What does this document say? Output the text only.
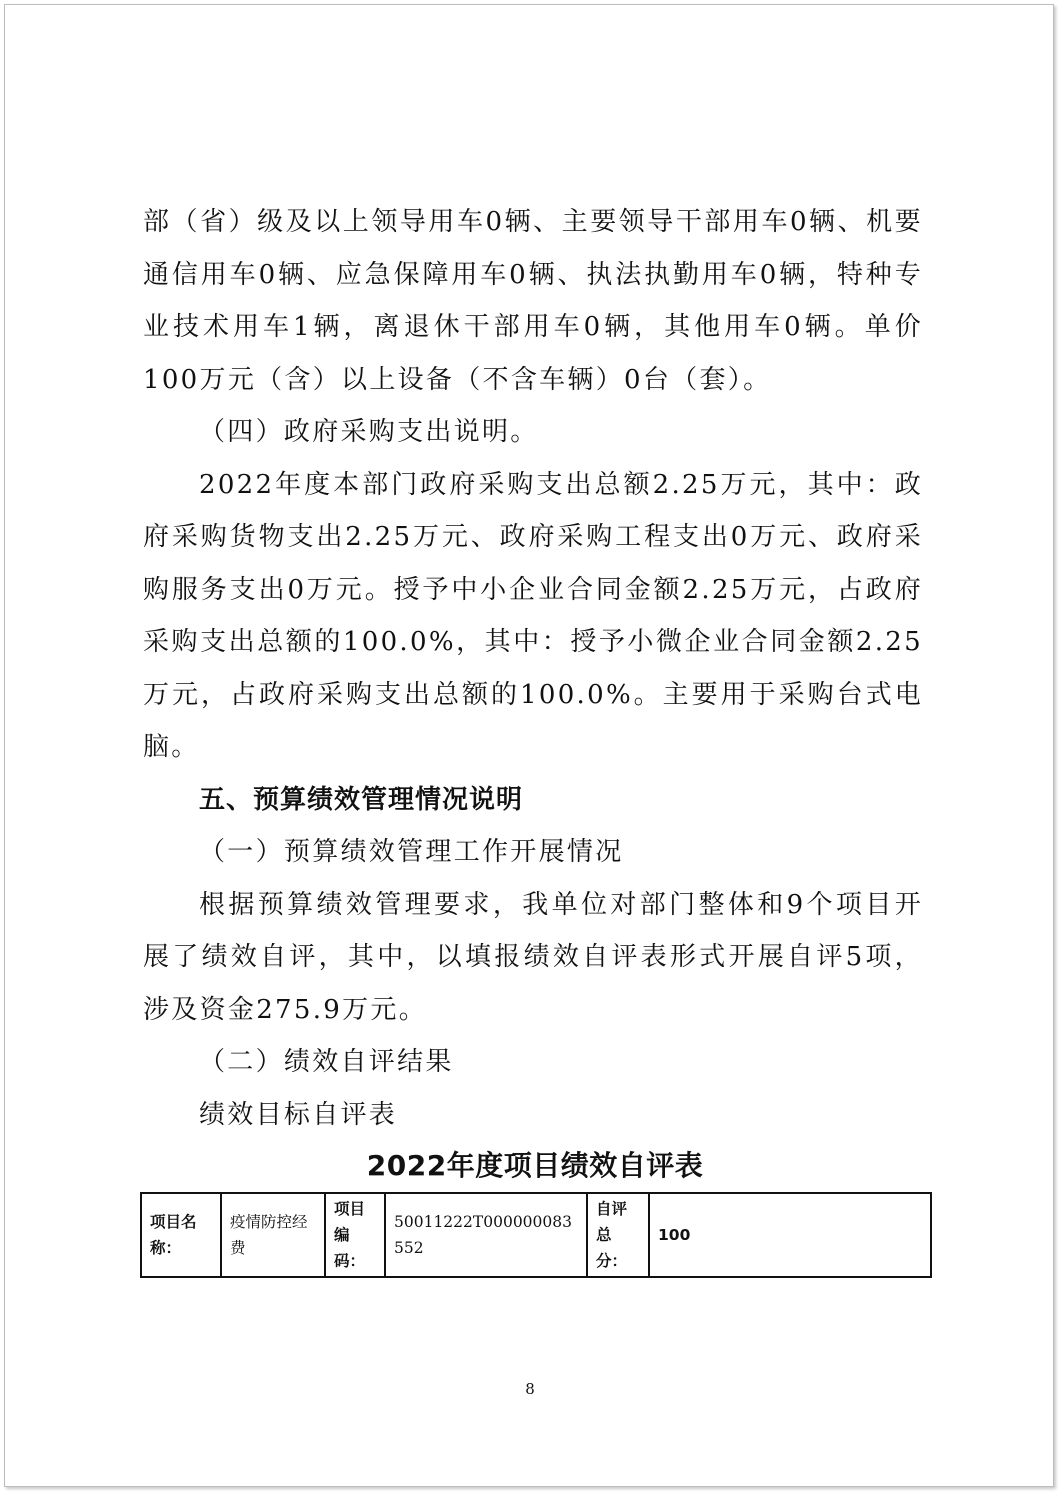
部（省）级及以上领导用车0辆、主要领导干部用车0辆、机要通信用车0辆、应急保障用车0辆、执法执勤用车0辆，特种专业技术用车1辆，离退休干部用车0辆，其他用车0辆。单价100万元（含）以上设备（不含车辆）0台（套）。

（四）政府采购支出说明。

2022年度本部门政府采购支出总额2.25万元，其中：政府采购货物支出2.25万元、政府采购工程支出0万元、政府采购服务支出0万元。授予中小企业合同金额2.25万元，占政府采购支出总额的100.0%，其中：授予小微企业合同金额2.25万元，占政府采购支出总额的100.0%。主要用于采购台式电脑。

五、预算绩效管理情况说明

（一）预算绩效管理工作开展情况

根据预算绩效管理要求，我单位对部门整体和9个项目开展了绩效自评，其中，以填报绩效自评表形式开展自评5项，涉及资金275.9万元。

（二）绩效自评结果

绩效目标自评表

2022年度项目绩效自评表

项目名称：	疫情防控经费	项目编码：	50011222T000000083552	自评总分：	100
8
